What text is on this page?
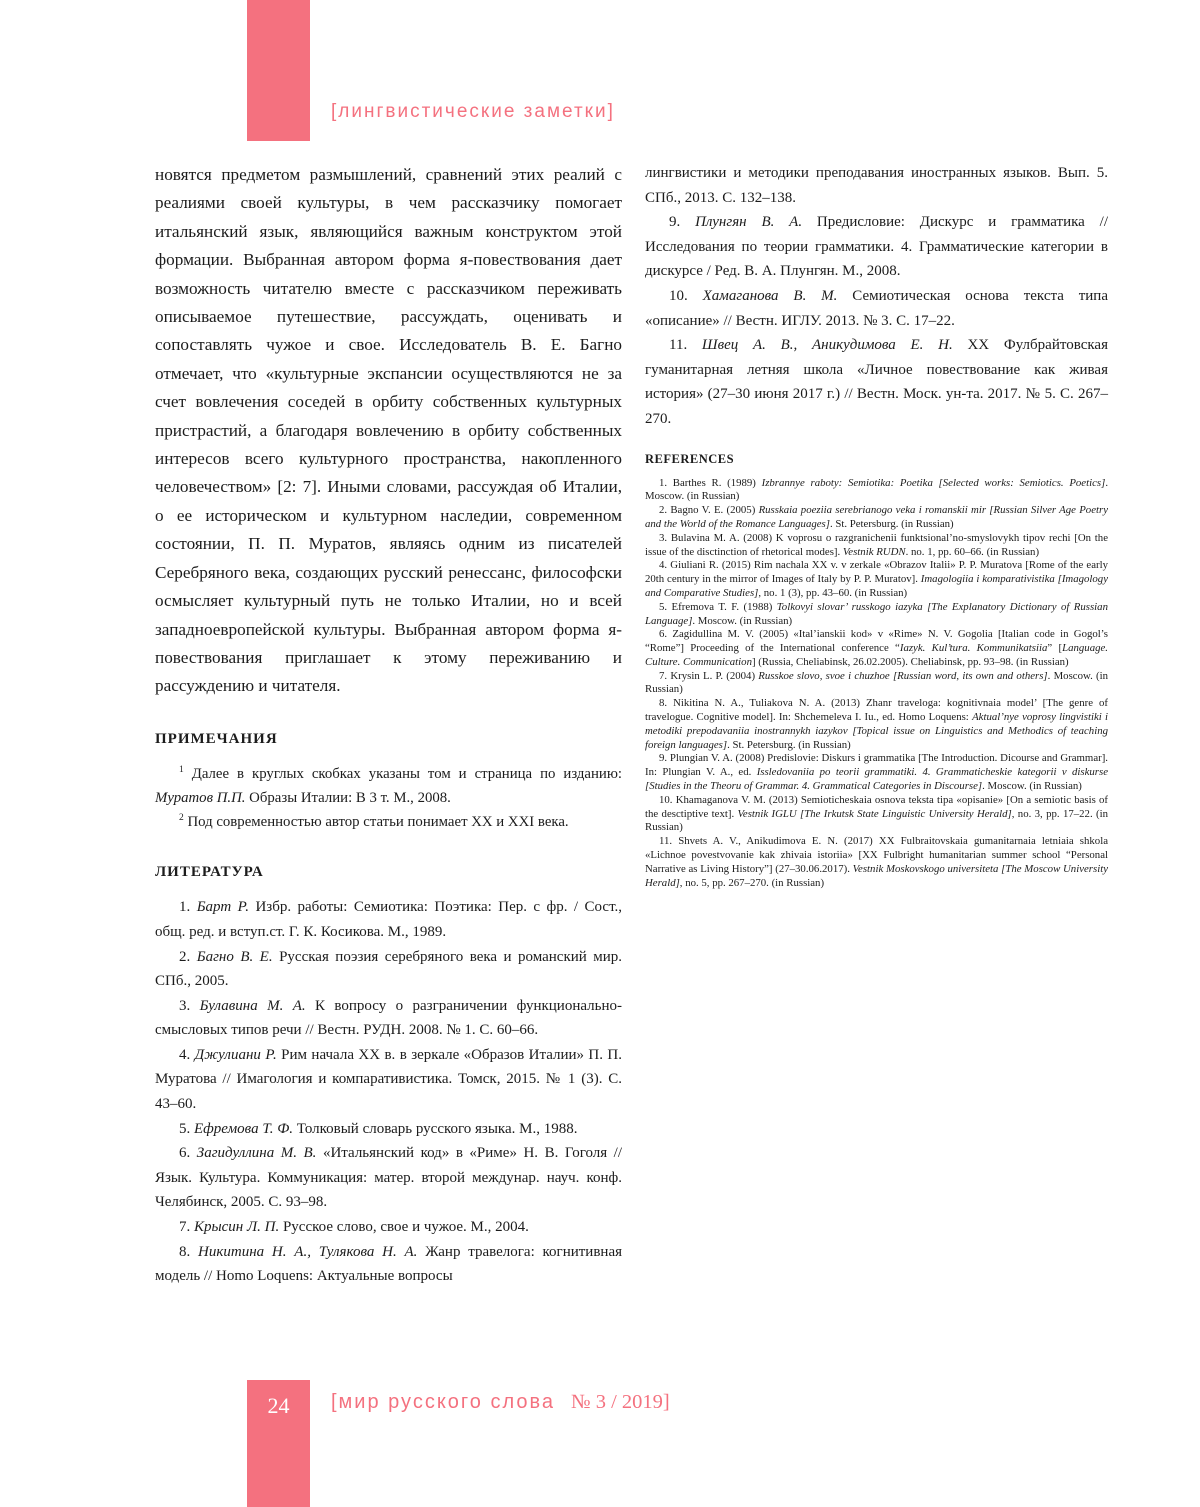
[лингвистические заметки]

новятся предметом размышлений, сравнений этих реалий с реалиями своей культуры, в чем рассказчику помогает итальянский язык, являющийся важным конструктом этой формации. Выбранная автором форма я-повествования дает возможность читателю вместе с рассказчиком переживать описываемое путешествие, рассуждать, оценивать и сопоставлять чужое и свое. Исследователь В. Е. Багно отмечает, что «культурные экспансии осуществляются не за счет вовлечения соседей в орбиту собственных культурных пристрастий, а благодаря вовлечению в орбиту собственных интересов всего культурного пространства, накопленного человечеством» [2: 7]. Иными словами, рассуждая об Италии, о ее историческом и культурном наследии, современном состоянии, П. П. Муратов, являясь одним из писателей Серебряного века, создающих русский ренессанс, философски осмысляет культурный путь не только Италии, но и всей западноевропейской культуры. Выбранная автором форма я-повествования приглашает к этому переживанию и рассуждению и читателя.

ПРИМЕЧАНИЯ

$^1$ Далее в круглых скобках указаны том и страница по изданию: Муратов П.П. Образы Италии: В 3 т. М., 2008.

$^2$ Под современностью автор статьи понимает XX и XXI века.

ЛИТЕРАТУРА

1. Барт Р. Избр. работы: Семиотика: Поэтика: Пер. с фр. / Сост., общ. ред. и вступ.ст. Г. К. Косикова. М., 1989.

2. Багно В. Е. Русская поэзия серебряного века и романский мир. СПб., 2005.

3. Булавина М. А. К вопросу о разграничении функционально-смысловых типов речи // Вестн. РУДН. 2008. № 1. С. 60–66.

4. Джулиани Р. Рим начала XX в. в зеркале «Образов Италии» П. П. Муратова // Имагология и компаративистика. Томск, 2015. № 1 (3). С. 43–60.

5. Ефремова Т. Ф. Толковый словарь русского языка. М., 1988.

6. Загидуллина М. В. «Итальянский код» в «Риме» Н. В. Гоголя // Язык. Культура. Коммуникация: матер. второй междунар. науч. конф. Челябинск, 2005. С. 93–98.

7. Крысин Л. П. Русское слово, свое и чужое. М., 2004.

8. Никитина Н. А., Тулякова Н. А. Жанр травелога: когнитивная модель // Homo Loquens: Актуальные вопросы

лингвистики и методики преподавания иностранных языков. Вып. 5. СПб., 2013. С. 132–138.

9. Плунгян В. А. Предисловие: Дискурс и грамматика // Исследования по теории грамматики. 4. Грамматические категории в дискурсе / Ред. В. А. Плунгян. М., 2008.

10. Хамаганова В. М. Семиотическая основа текста типа «описание» // Вестн. ИГЛУ. 2013. № 3. С. 17–22.

11. Швец А. В., Аникудимова Е. Н. XX Фулбрайтовская гуманитарная летняя школа «Личное повествование как живая история» (27–30 июня 2017 г.) // Вестн. Моск. ун-та. 2017. № 5. С. 267–270.

REFERENCES

1. Barthes R. (1989) Izbrannye raboty: Semiotika: Poetika [Selected works: Semiotics. Poetics]. Moscow. (in Russian)

2. Bagno V. E. (2005) Russkaia poeziia serebrianogo veka i romanskii mir [Russian Silver Age Poetry and the World of the Romance Languages]. St. Petersburg. (in Russian)

3. Bulavina M. A. (2008) K voprosu o razgranichenii funktsional’no-smyslovykh tipov rechi [On the issue of the disctinction of rhetorical modes]. Vestnik RUDN. no. 1, pp. 60–66. (in Russian)

4. Giuliani R. (2015) Rim nachala XX v. v zerkale «Obrazov Italii» P. P. Muratova [Rome of the early 20th century in the mirror of Images of Italy by P. P. Muratov]. Imagologiia i komparativistika [Imagology and Comparative Studies], no. 1 (3), pp. 43–60. (in Russian)

5. Efremova T. F. (1988) Tolkovyi slovar’ russkogo iazyka [The Explanatory Dictionary of Russian Language]. Moscow. (in Russian)

6. Zagidullina M. V. (2005) «Ital’ianskii kod» v «Rime» N. V. Gogolia [Italian code in Gogol’s “Rome”] Proceeding of the International conference “Iazyk. Kul’tura. Kommunikatsiia” [Language. Culture. Communication] (Russia, Cheliabinsk, 26.02.2005). Cheliabinsk, pp. 93–98. (in Russian)

7. Krysin L. P. (2004) Russkoe slovo, svoe i chuzhoe [Russian word, its own and others]. Moscow. (in Russian)

8. Nikitina N. A., Tuliakova N. A. (2013) Zhanr traveloga: kognitivnaia model’ [The genre of travelogue. Cognitive model]. In: Shchemeleva I. Iu., ed. Homo Loquens: Aktual’nye voprosy lingvistiki i metodiki prepodavaniia inostrannykh iazykov [Topical issue on Linguistics and Methodics of teaching foreign languages]. St. Petersburg. (in Russian)

9. Plungian V. A. (2008) Predislovie: Diskurs i grammatika [The Introduction. Dicourse and Grammar]. In: Plungian V. A., ed. Issledovaniia po teorii grammatiki. 4. Grammaticheskie kategorii v diskurse [Studies in the Theoru of Grammar. 4. Grammatical Categories in Discourse]. Moscow. (in Russian)

10. Khamaganova V. M. (2013) Semioticheskaia osnova teksta tipa «opisanie» [On a semiotic basis of the desctiptive text]. Vestnik IGLU [The Irkutsk State Linguistic University Herald], no. 3, pp. 17–22. (in Russian)

11. Shvets A. V., Anikudimova E. N. (2017) XX Fulbraitovskaia gumanitarnaia letniaia shkola «Lichnoe povestvovanie kak zhivaia istoriia» [XX Fulbright humanitarian summer school “Personal Narrative as Living History”] (27–30.06.2017). Vestnik Moskovskogo universiteta [The Moscow University Herald], no. 5, pp. 267–270. (in Russian)

24	[мир русского слова № 3 / 2019]
